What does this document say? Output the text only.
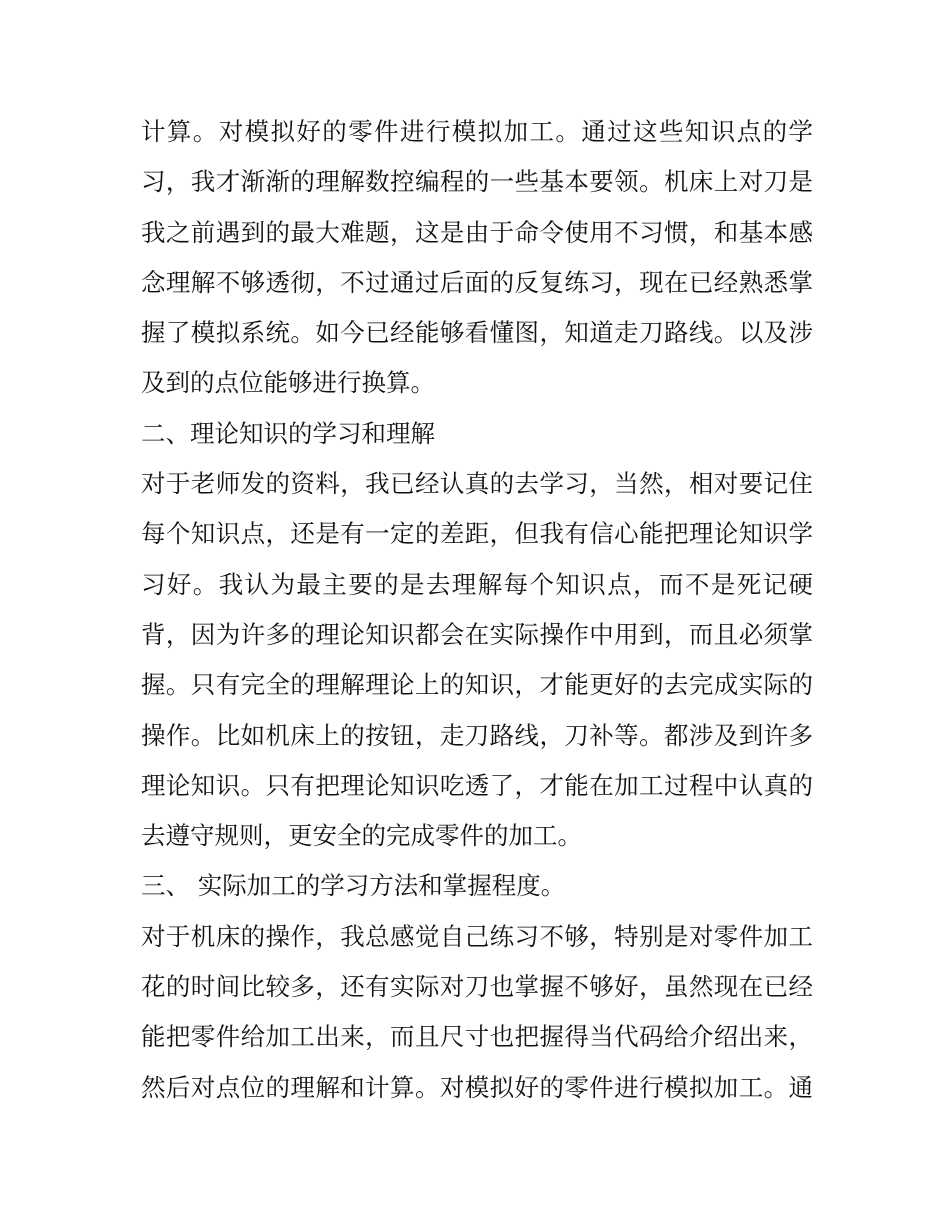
计算。对模拟好的零件进行模拟加工。通过这些知识点的学
习，我才渐渐的理解数控编程的一些基本要领。机床上对刀是
我之前遇到的最大难题，这是由于命令使用不习惯，和基本感
念理解不够透彻，不过通过后面的反复练习，现在已经熟悉掌
握了模拟系统。如今已经能够看懂图，知道走刀路线。以及涉
及到的点位能够进行换算。
二、理论知识的学习和理解
对于老师发的资料，我已经认真的去学习，当然，相对要记住
每个知识点，还是有一定的差距，但我有信心能把理论知识学
习好。我认为最主要的是去理解每个知识点，而不是死记硬
背，因为许多的理论知识都会在实际操作中用到，而且必须掌
握。只有完全的理解理论上的知识，才能更好的去完成实际的
操作。比如机床上的按钮，走刀路线，刀补等。都涉及到许多
理论知识。只有把理论知识吃透了，才能在加工过程中认真的
去遵守规则，更安全的完成零件的加工。
三、 实际加工的学习方法和掌握程度。
对于机床的操作，我总感觉自己练习不够，特别是对零件加工
花的时间比较多，还有实际对刀也掌握不够好，虽然现在已经
能把零件给加工出来，而且尺寸也把握得当代码给介绍出来，
然后对点位的理解和计算。对模拟好的零件进行模拟加工。通
